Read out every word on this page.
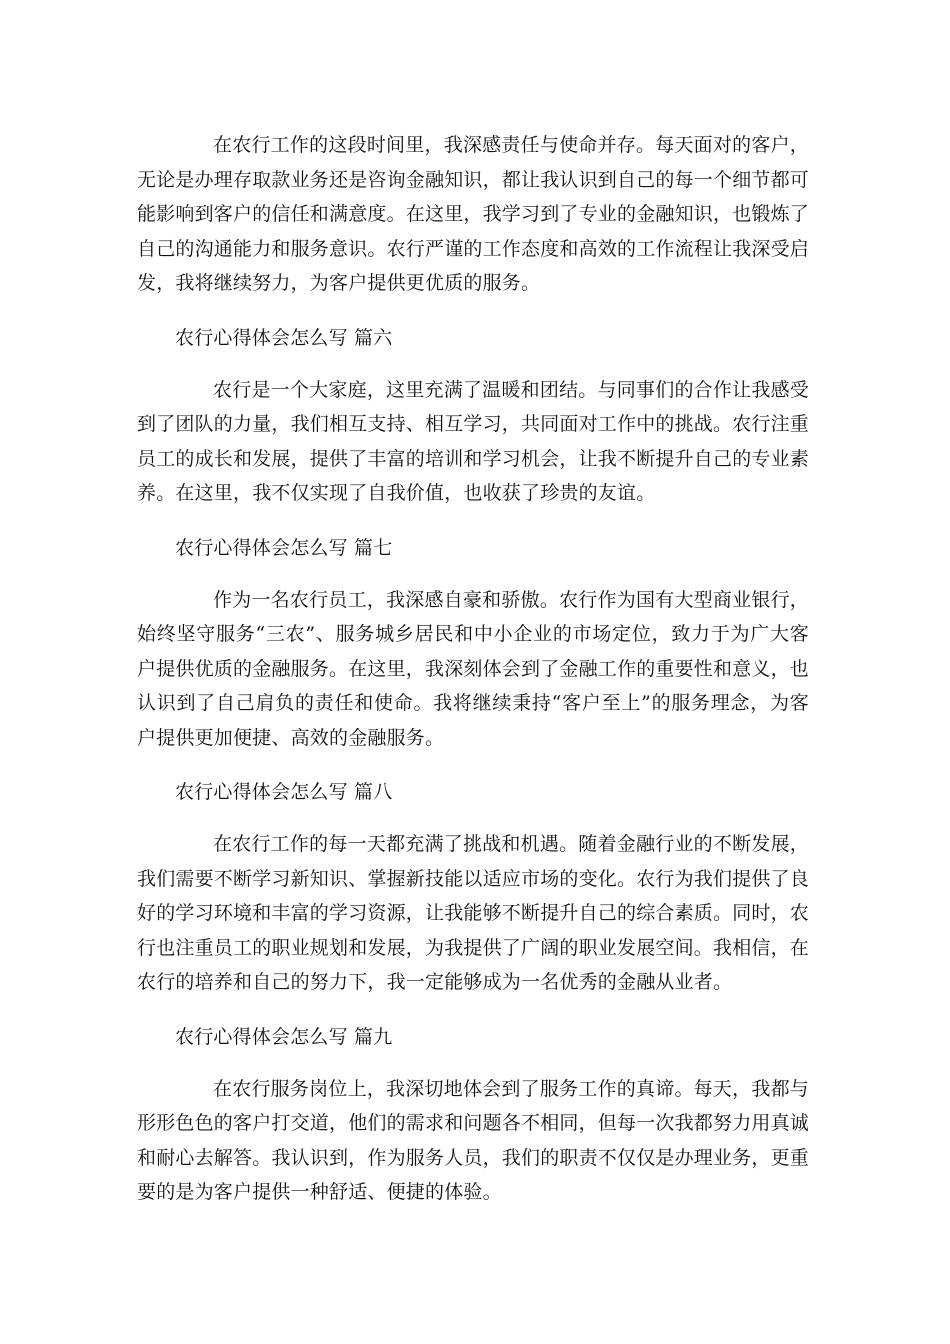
在农行工作的这段时间里，我深感责任与使命并存。每天面对的客户，无论是办理存取款业务还是咨询金融知识，都让我认识到自己的每一个细节都可能影响到客户的信任和满意度。在这里，我学习到了专业的金融知识，也锻炼了自己的沟通能力和服务意识。农行严谨的工作态度和高效的工作流程让我深受启发，我将继续努力，为客户提供更优质的服务。

农行心得体会怎么写 篇六

农行是一个大家庭，这里充满了温暖和团结。与同事们的合作让我感受到了团队的力量，我们相互支持、相互学习，共同面对工作中的挑战。农行注重员工的成长和发展，提供了丰富的培训和学习机会，让我不断提升自己的专业素养。在这里，我不仅实现了自我价值，也收获了珍贵的友谊。

农行心得体会怎么写 篇七

作为一名农行员工，我深感自豪和骄傲。农行作为国有大型商业银行，始终坚守服务“三农”、服务城乡居民和中小企业的市场定位，致力于为广大客户提供优质的金融服务。在这里，我深刻体会到了金融工作的重要性和意义，也认识到了自己肩负的责任和使命。我将继续秉持“客户至上”的服务理念，为客户提供更加便捷、高效的金融服务。

农行心得体会怎么写 篇八

在农行工作的每一天都充满了挑战和机遇。随着金融行业的不断发展，我们需要不断学习新知识、掌握新技能以适应市场的变化。农行为我们提供了良好的学习环境和丰富的学习资源，让我能够不断提升自己的综合素质。同时，农行也注重员工的职业规划和发展，为我提供了广阔的职业发展空间。我相信，在农行的培养和自己的努力下，我一定能够成为一名优秀的金融从业者。

农行心得体会怎么写 篇九

在农行服务岗位上，我深切地体会到了服务工作的真谛。每天，我都与形形色色的客户打交道，他们的需求和问题各不相同，但每一次我都努力用真诚和耐心去解答。我认识到，作为服务人员，我们的职责不仅仅是办理业务，更重要的是为客户提供一种舒适、便捷的体验。
